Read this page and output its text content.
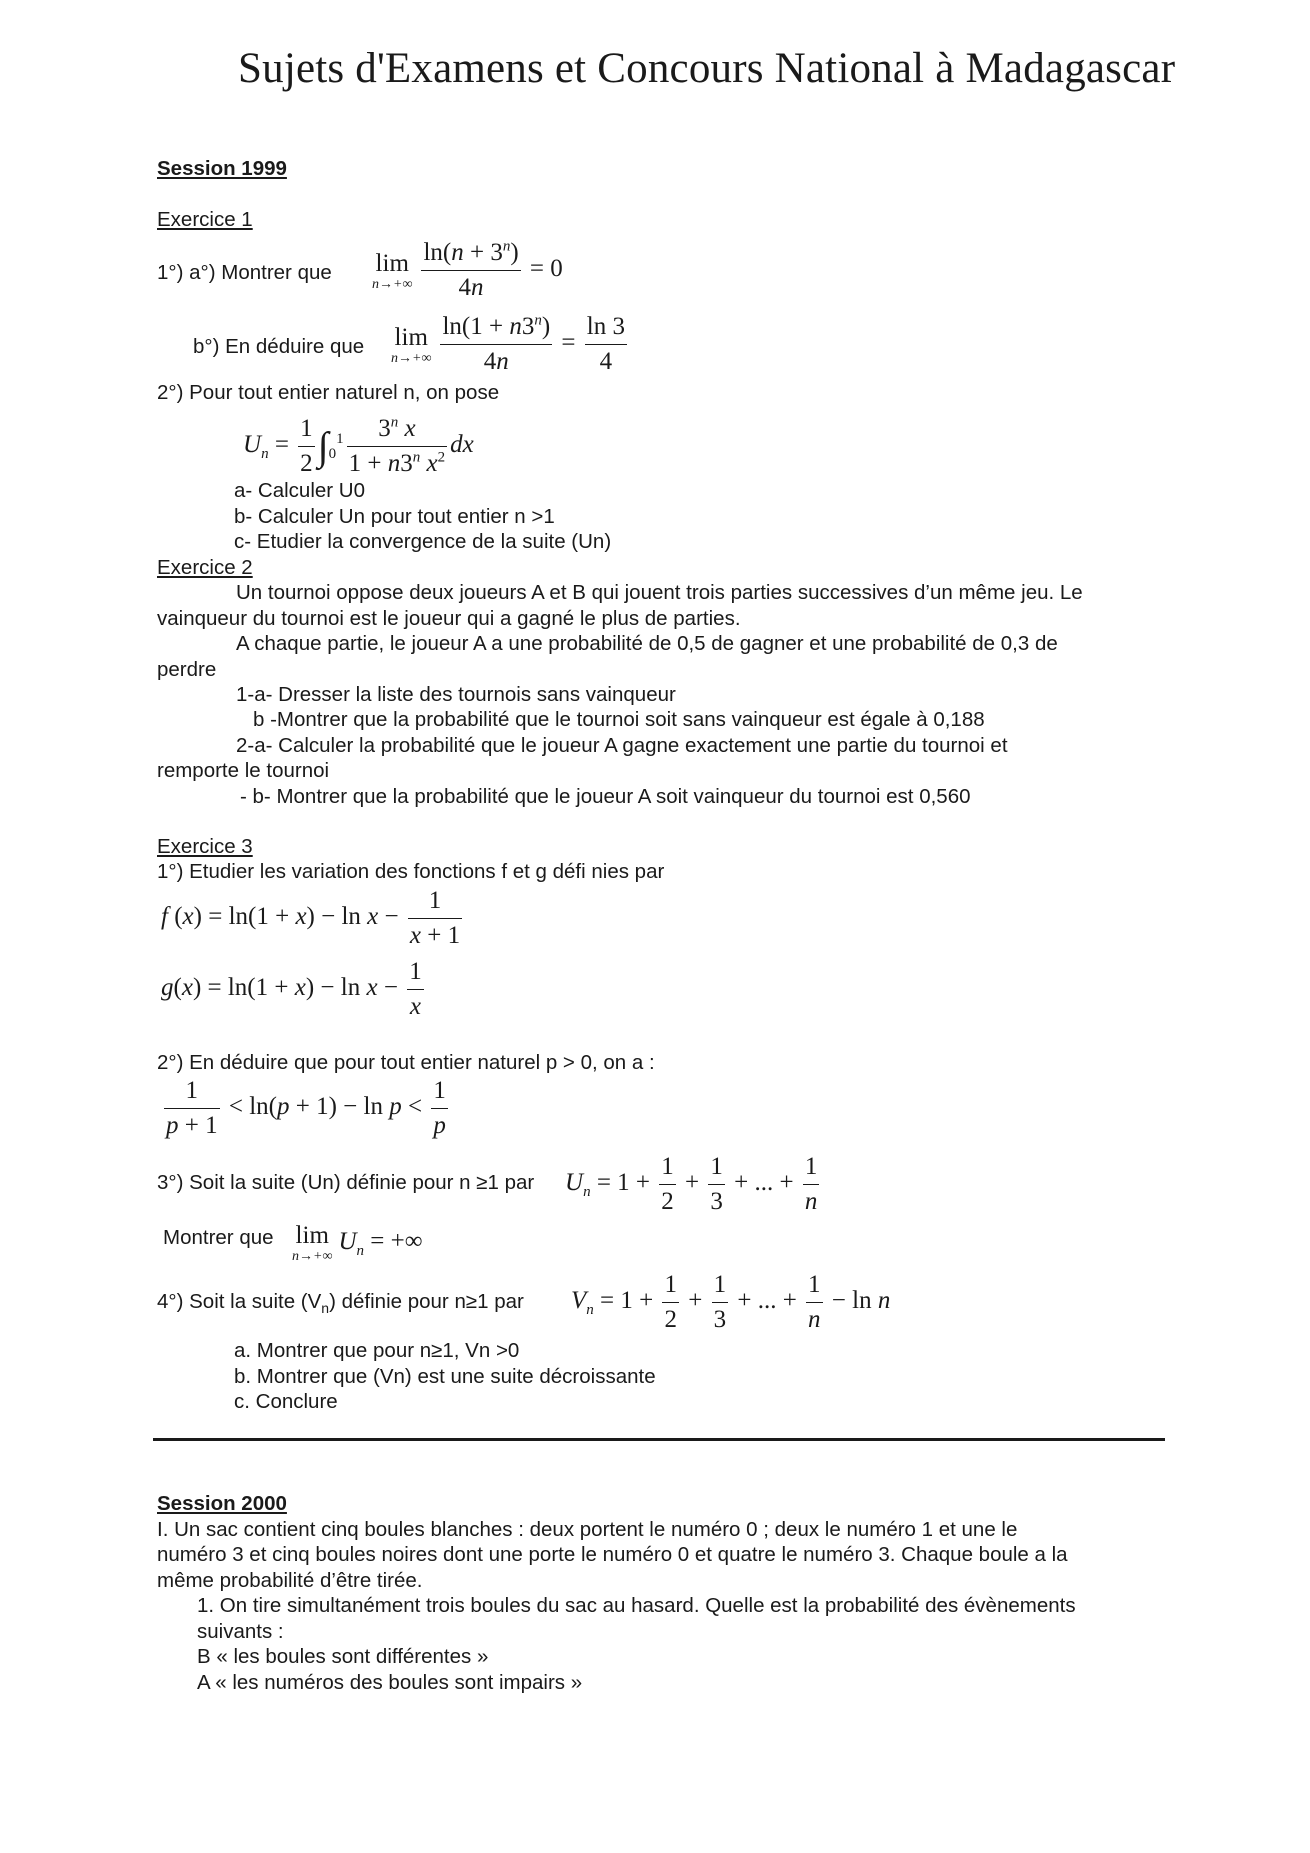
Sujets d'Examens et Concours National à Madagascar
Session 1999
Exercice 1
1°) a°) Montrer que lim
$n\to+\infty \frac{\ln(n + 3^n)}{4n} = 0$
b°) En déduire que lim
$n\to+\infty \frac{\ln(1 + n3^n)}{4n} = \frac{\ln 3}{4}$
2°) Pour tout entier naturel n, on pose
$U_n = \frac{1}{2} \int_0^1 \frac{3^n x}{1 + n3^n x^2}$ dx
a- Calculer U0
b- Calculer Un pour tout entier n >1
c- Etudier la convergence de la suite (Un)
Exercice 2
Un tournoi oppose deux joueurs A et B qui jouent trois parties successives d’un même jeu. Le
vainqueur du tournoi est le joueur qui a gagné le plus de parties.
A chaque partie, le joueur A a une probabilité de 0,5 de gagner et une probabilité de 0,3 de
perdre
1-a- Dresser la liste des tournois sans vainqueur
b -Montrer que la probabilité que le tournoi soit sans vainqueur est égale à 0,188
2-a- Calculer la probabilité que le joueur A gagne exactement une partie du tournoi et
remporte le tournoi
- b- Montrer que la probabilité que le joueur A soit vainqueur du tournoi est 0,560
Exercice 3
1°) Etudier les variation des fonctions f et g défi nies par
f $(x) = \ln(1 + x) - \ln x - \frac{1}{x + 1}$
$g(x) = \ln(1 + x) - \ln x - \frac{1}{x}$
2°) En déduire que pour tout entier naturel p > 0, on a :
$\frac{1}{p + 1} < \ln(p + 1) - \ln p < \frac{1}{p}$
3°) Soit la suite (Un) définie pour n ≥1 par $U_n = 1 + \frac{1}{2} + \frac{1}{3}$ + ... + $\frac{1}{n}$
Montrer que lim
n→+∞
$U_n$ = +∞
4°) Soit la suite $(V_n)$ définie pour n≥1 par $V_n = 1 + \frac{1}{2} + \frac{1}{3}$ + ... + $\frac{1}{n} - \ln n$
a. Montrer que pour n≥1, Vn >0
b. Montrer que (Vn) est une suite décroissante
c. Conclure
Session 2000
I. Un sac contient cinq boules blanches : deux portent le numéro 0 ; deux le numéro 1 et une le
numéro 3 et cinq boules noires dont une porte le numéro 0 et quatre le numéro 3. Chaque boule a la
même probabilité d’être tirée.
1. On tire simultanément trois boules du sac au hasard. Quelle est la probabilité des évènements
suivants :
B « les boules sont différentes »
A « les numéros des boules sont impairs »
